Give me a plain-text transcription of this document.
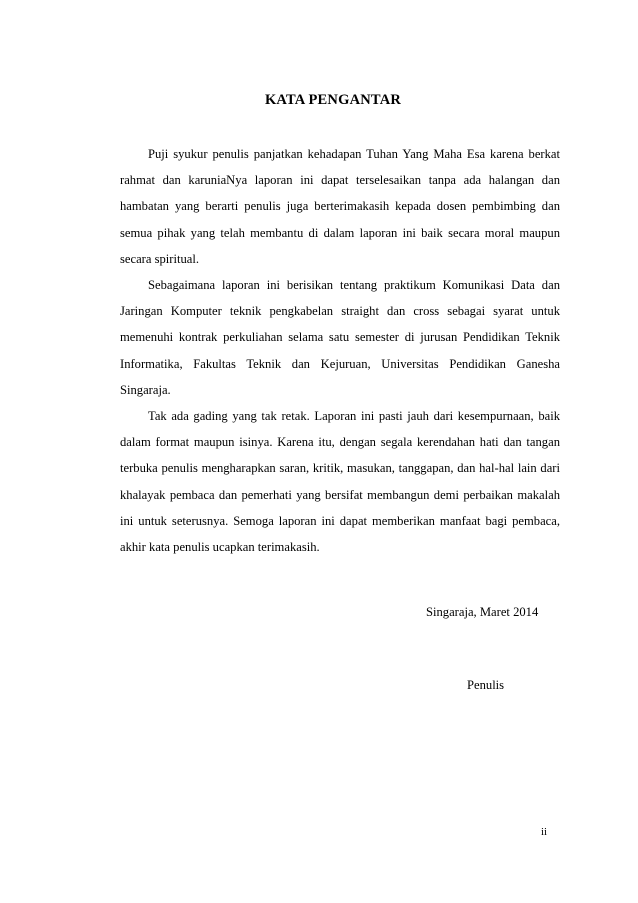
KATA PENGANTAR

Puji syukur penulis panjatkan kehadapan Tuhan Yang Maha Esa karena berkat rahmat dan karuniaNya laporan ini dapat terselesaikan tanpa ada halangan dan hambatan yang berarti penulis juga berterimakasih kepada dosen pembimbing dan semua pihak yang telah membantu di dalam laporan ini baik secara moral maupun secara spiritual.

Sebagaimana laporan ini berisikan tentang praktikum Komunikasi Data dan Jaringan Komputer teknik pengkabelan straight dan cross sebagai syarat untuk memenuhi kontrak perkuliahan selama satu semester di jurusan Pendidikan Teknik Informatika, Fakultas Teknik dan Kejuruan, Universitas Pendidikan Ganesha Singaraja.

Tak ada gading yang tak retak. Laporan ini pasti jauh dari kesempurnaan, baik dalam format maupun isinya. Karena itu, dengan segala kerendahan hati dan tangan terbuka penulis mengharapkan saran, kritik, masukan, tanggapan, dan hal-hal lain dari khalayak pembaca dan pemerhati yang bersifat membangun demi perbaikan makalah ini untuk seterusnya. Semoga laporan ini dapat memberikan manfaat bagi pembaca, akhir kata penulis ucapkan terimakasih.

Singaraja, Maret 2014
Penulis
ii
